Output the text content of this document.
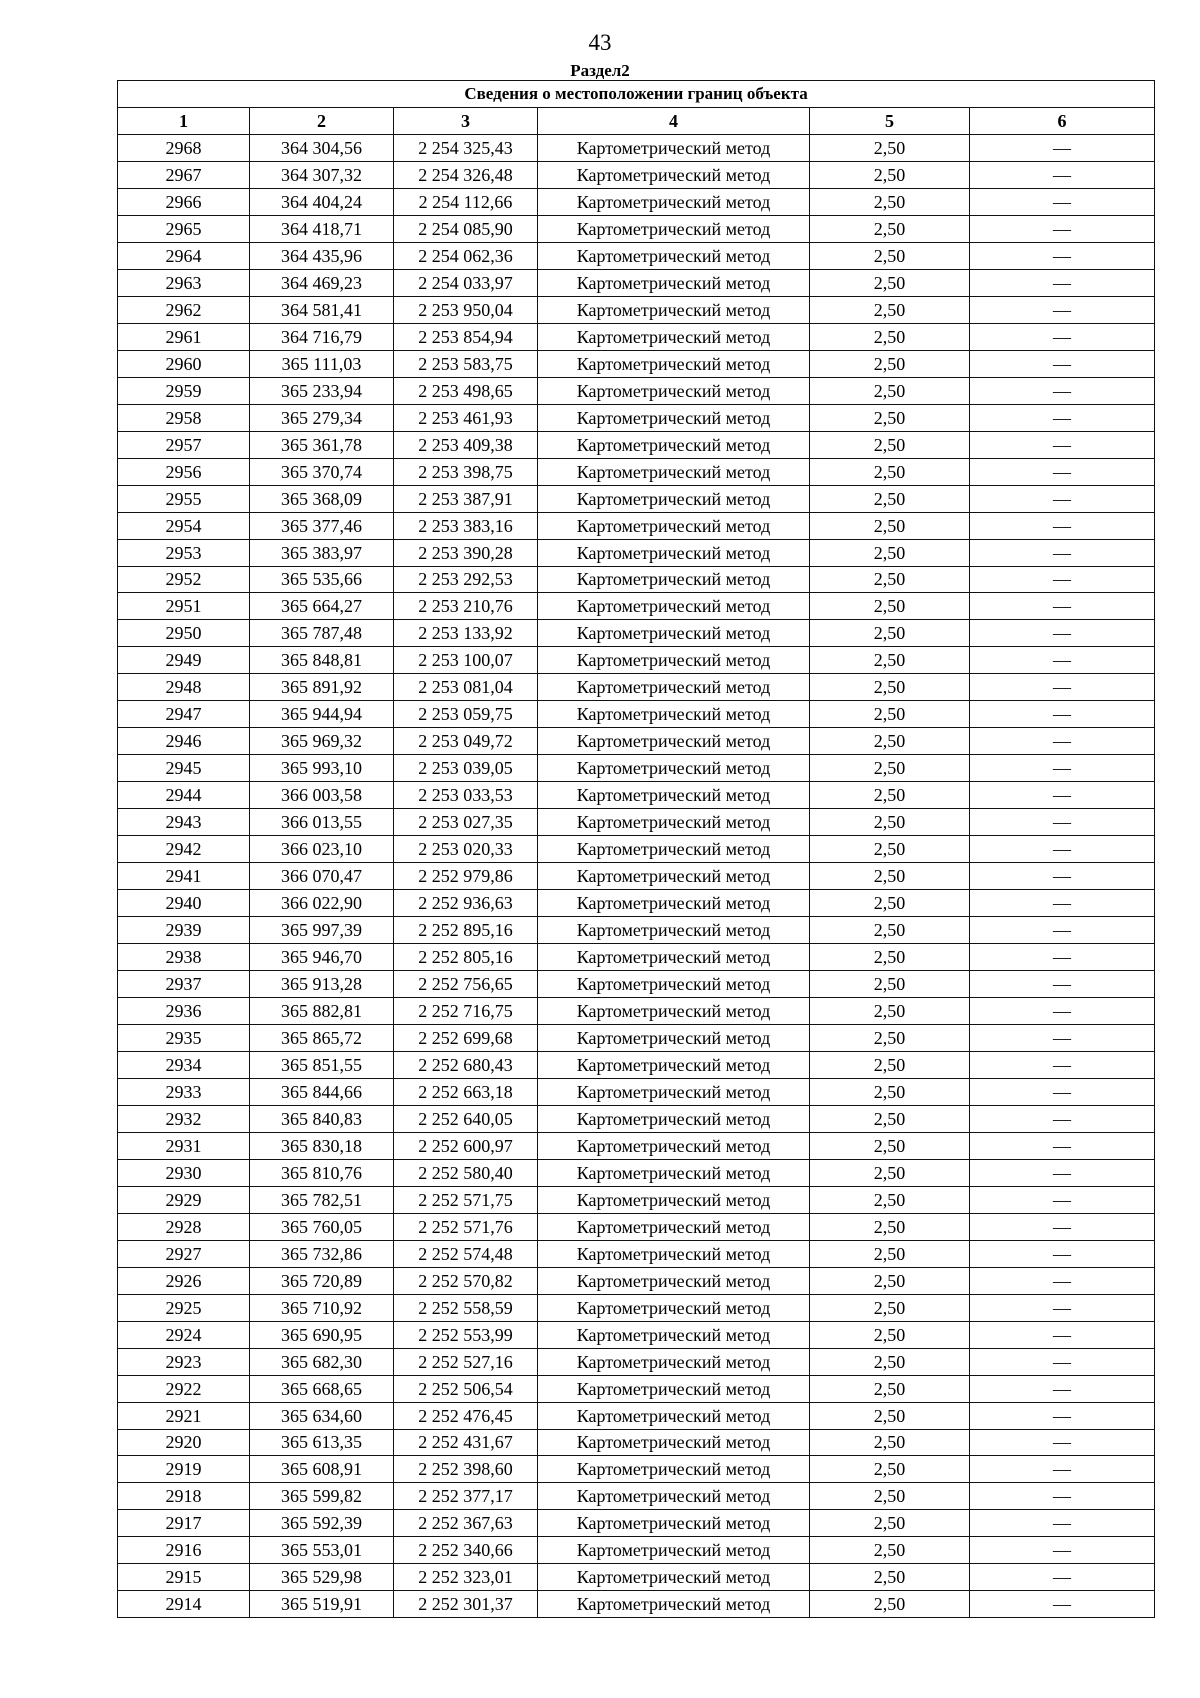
43
Раздел2
Сведения о местоположении границ объекта					
1	2	3	4	5	6
2968	364 304,56	2 254 325,43	Картометрический метод	2,50	—
2967	364 307,32	2 254 326,48	Картометрический метод	2,50	—
2966	364 404,24	2 254 112,66	Картометрический метод	2,50	—
2965	364 418,71	2 254 085,90	Картометрический метод	2,50	—
2964	364 435,96	2 254 062,36	Картометрический метод	2,50	—
2963	364 469,23	2 254 033,97	Картометрический метод	2,50	—
2962	364 581,41	2 253 950,04	Картометрический метод	2,50	—
2961	364 716,79	2 253 854,94	Картометрический метод	2,50	—
2960	365 111,03	2 253 583,75	Картометрический метод	2,50	—
2959	365 233,94	2 253 498,65	Картометрический метод	2,50	—
2958	365 279,34	2 253 461,93	Картометрический метод	2,50	—
2957	365 361,78	2 253 409,38	Картометрический метод	2,50	—
2956	365 370,74	2 253 398,75	Картометрический метод	2,50	—
2955	365 368,09	2 253 387,91	Картометрический метод	2,50	—
2954	365 377,46	2 253 383,16	Картометрический метод	2,50	—
2953	365 383,97	2 253 390,28	Картометрический метод	2,50	—
2952	365 535,66	2 253 292,53	Картометрический метод	2,50	—
2951	365 664,27	2 253 210,76	Картометрический метод	2,50	—
2950	365 787,48	2 253 133,92	Картометрический метод	2,50	—
2949	365 848,81	2 253 100,07	Картометрический метод	2,50	—
2948	365 891,92	2 253 081,04	Картометрический метод	2,50	—
2947	365 944,94	2 253 059,75	Картометрический метод	2,50	—
2946	365 969,32	2 253 049,72	Картометрический метод	2,50	—
2945	365 993,10	2 253 039,05	Картометрический метод	2,50	—
2944	366 003,58	2 253 033,53	Картометрический метод	2,50	—
2943	366 013,55	2 253 027,35	Картометрический метод	2,50	—
2942	366 023,10	2 253 020,33	Картометрический метод	2,50	—
2941	366 070,47	2 252 979,86	Картометрический метод	2,50	—
2940	366 022,90	2 252 936,63	Картометрический метод	2,50	—
2939	365 997,39	2 252 895,16	Картометрический метод	2,50	—
2938	365 946,70	2 252 805,16	Картометрический метод	2,50	—
2937	365 913,28	2 252 756,65	Картометрический метод	2,50	—
2936	365 882,81	2 252 716,75	Картометрический метод	2,50	—
2935	365 865,72	2 252 699,68	Картометрический метод	2,50	—
2934	365 851,55	2 252 680,43	Картометрический метод	2,50	—
2933	365 844,66	2 252 663,18	Картометрический метод	2,50	—
2932	365 840,83	2 252 640,05	Картометрический метод	2,50	—
2931	365 830,18	2 252 600,97	Картометрический метод	2,50	—
2930	365 810,76	2 252 580,40	Картометрический метод	2,50	—
2929	365 782,51	2 252 571,75	Картометрический метод	2,50	—
2928	365 760,05	2 252 571,76	Картометрический метод	2,50	—
2927	365 732,86	2 252 574,48	Картометрический метод	2,50	—
2926	365 720,89	2 252 570,82	Картометрический метод	2,50	—
2925	365 710,92	2 252 558,59	Картометрический метод	2,50	—
2924	365 690,95	2 252 553,99	Картометрический метод	2,50	—
2923	365 682,30	2 252 527,16	Картометрический метод	2,50	—
2922	365 668,65	2 252 506,54	Картометрический метод	2,50	—
2921	365 634,60	2 252 476,45	Картометрический метод	2,50	—
2920	365 613,35	2 252 431,67	Картометрический метод	2,50	—
2919	365 608,91	2 252 398,60	Картометрический метод	2,50	—
2918	365 599,82	2 252 377,17	Картометрический метод	2,50	—
2917	365 592,39	2 252 367,63	Картометрический метод	2,50	—
2916	365 553,01	2 252 340,66	Картометрический метод	2,50	—
2915	365 529,98	2 252 323,01	Картометрический метод	2,50	—
2914	365 519,91	2 252 301,37	Картометрический метод	2,50	—
